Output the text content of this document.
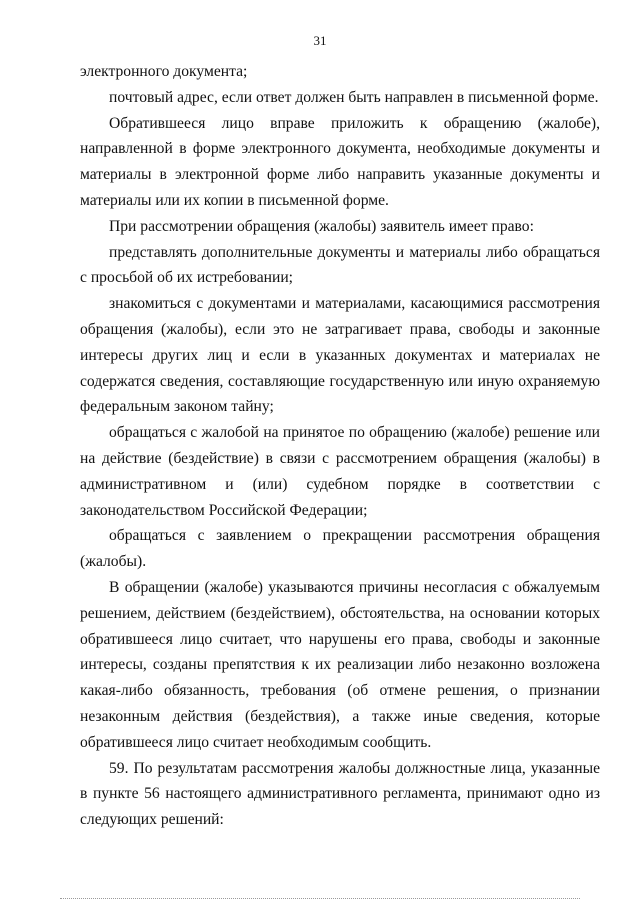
31

электронного документа;

почтовый адрес, если ответ должен быть направлен в письменной форме.

Обратившееся лицо вправе приложить к обращению (жалобе), направленной в форме электронного документа, необходимые документы и материалы в электронной форме либо направить указанные документы и материалы или их копии в письменной форме.

При рассмотрении обращения (жалобы) заявитель имеет право:

представлять дополнительные документы и материалы либо обращаться с просьбой об их истребовании;

знакомиться с документами и материалами, касающимися рассмотрения обращения (жалобы), если это не затрагивает права, свободы и законные интересы других лиц и если в указанных документах и материалах не содержатся сведения, составляющие государственную или иную охраняемую федеральным законом тайну;

обращаться с жалобой на принятое по обращению (жалобе) решение или на действие (бездействие) в связи с рассмотрением обращения (жалобы) в административном и (или) судебном порядке в соответствии с законодательством Российской Федерации;

обращаться с заявлением о прекращении рассмотрения обращения (жалобы).

В обращении (жалобе) указываются причины несогласия с обжалуемым решением, действием (бездействием), обстоятельства, на основании которых обратившееся лицо считает, что нарушены его права, свободы и законные интересы, созданы препятствия к их реализации либо незаконно возложена какая-либо обязанность, требования (об отмене решения, о признании незаконным действия (бездействия), а также иные сведения, которые обратившееся лицо считает необходимым сообщить.

59. По результатам рассмотрения жалобы должностные лица, указанные в пункте 56 настоящего административного регламента, принимают одно из следующих решений:
